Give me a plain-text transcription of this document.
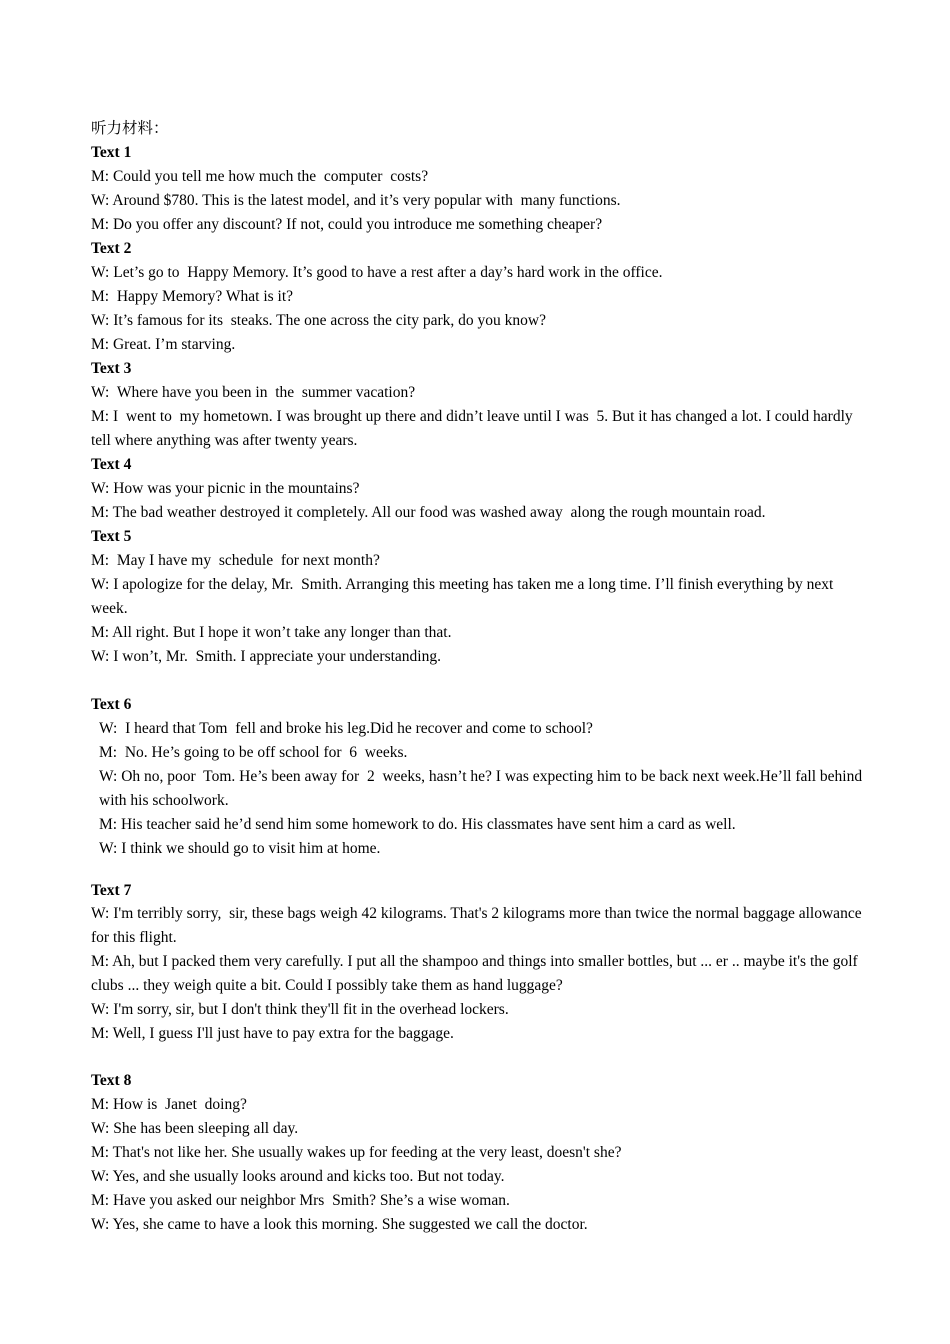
听力材料：
Text 1
M: Could you tell me how much the  computer  costs?
W: Around $780. This is the latest model, and it’s very popular with  many functions.
M: Do you offer any discount? If not, could you introduce me something cheaper?
Text 2
W: Let’s go to  Happy Memory. It’s good to have a rest after a day’s hard work in the office.
M:  Happy Memory? What is it?
W: It’s famous for its  steaks. The one across the city park, do you know?
M: Great. I’m starving.
Text 3
W:  Where have you been in  the  summer vacation?
M: I  went to  my hometown. I was brought up there and didn’t leave until I was  5. But it has changed a lot. I could hardly tell where anything was after twenty years.
Text 4
W: How was your picnic in the mountains?
M: The bad weather destroyed it completely. All our food was washed away  along the rough mountain road.
Text 5
M:  May I have my  schedule  for next month?
W: I apologize for the delay, Mr.  Smith. Arranging this meeting has taken me a long time. I’ll finish everything by next week.
M: All right. But I hope it won’t take any longer than that.
W: I won’t, Mr.  Smith. I appreciate your understanding.
Text 6
W:  I heard that Tom  fell and broke his leg.Did he recover and come to school?
M:  No. He’s going to be off school for  6  weeks.
W: Oh no, poor  Tom. He’s been away for  2  weeks, hasn’t he? I was expecting him to be back next week.He’ll fall behind with his schoolwork.
M: His teacher said he’d send him some homework to do. His classmates have sent him a card as well.
W: I think we should go to visit him at home.
Text 7
W: I'm terribly sorry,  sir, these bags weigh 42 kilograms. That's 2 kilograms more than twice the normal baggage allowance for this flight.
M: Ah, but I packed them very carefully. I put all the shampoo and things into smaller bottles, but ... er .. maybe it's the golf clubs ... they weigh quite a bit. Could I possibly take them as hand luggage?
W: I'm sorry, sir, but I don't think they'll fit in the overhead lockers.
M: Well, I guess I'll just have to pay extra for the baggage.
Text 8
M: How is  Janet  doing?
W: She has been sleeping all day.
M: That's not like her. She usually wakes up for feeding at the very least, doesn't she?
W: Yes, and she usually looks around and kicks too. But not today.
M: Have you asked our neighbor Mrs  Smith? She’s a wise woman.
W: Yes, she came to have a look this morning. She suggested we call the doctor.
